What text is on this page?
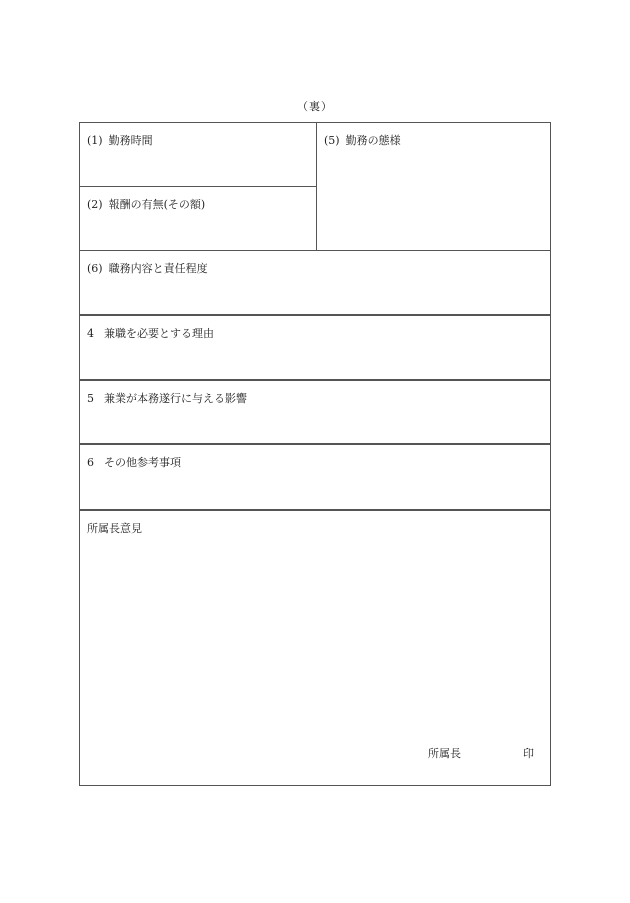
（裏）
(1) 勤務時間
(2) 報酬の有無(その額)
(5) 勤務の態様
(6) 職務内容と責任程度
4 兼職を必要とする理由
5 兼業が本務遂行に与える影響
6 その他参考事項
所属長意見
所属長	印
